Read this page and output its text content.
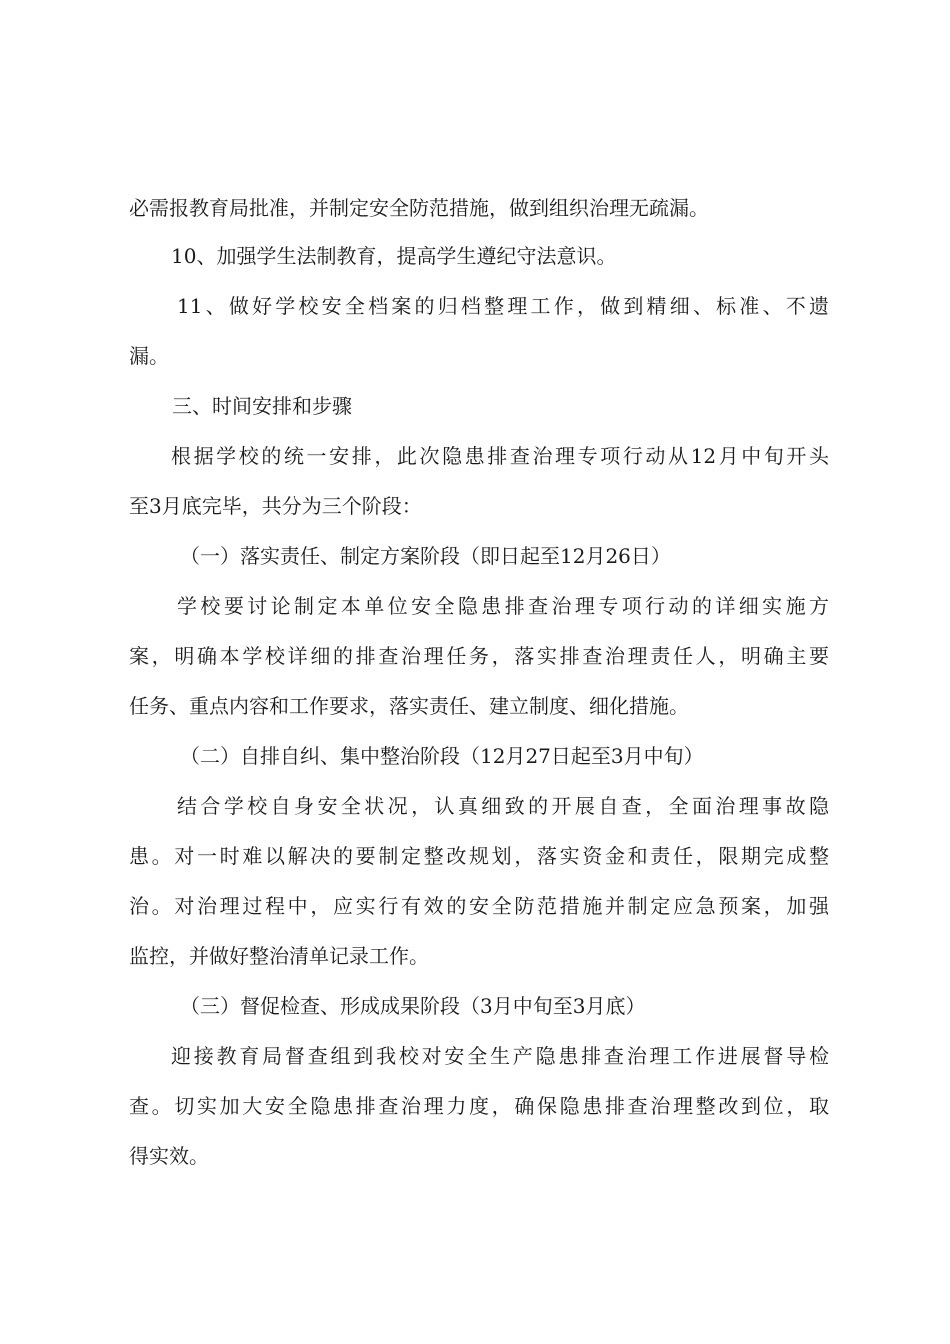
必需报教育局批准，并制定安全防范措施，做到组织治理无疏漏。

10、加强学生法制教育，提高学生遵纪守法意识。

11、做好学校安全档案的归档整理工作，做到精细、标准、不遗

漏。

三、时间安排和步骤

根据学校的统一安排，此次隐患排查治理专项行动从12月中旬开头

至3月底完毕，共分为三个阶段：

（一）落实责任、制定方案阶段（即日起至12月26日）

学校要讨论制定本单位安全隐患排查治理专项行动的详细实施方

案，明确本学校详细的排查治理任务，落实排查治理责任人，明确主要

任务、重点内容和工作要求，落实责任、建立制度、细化措施。

（二）自排自纠、集中整治阶段（12月27日起至3月中旬）

结合学校自身安全状况，认真细致的开展自查，全面治理事故隐

患。对一时难以解决的要制定整改规划，落实资金和责任，限期完成整

治。对治理过程中，应实行有效的安全防范措施并制定应急预案，加强

监控，并做好整治清单记录工作。

（三）督促检查、形成成果阶段（3月中旬至3月底）

迎接教育局督查组到我校对安全生产隐患排查治理工作进展督导检

查。切实加大安全隐患排查治理力度，确保隐患排查治理整改到位，取

得实效。
